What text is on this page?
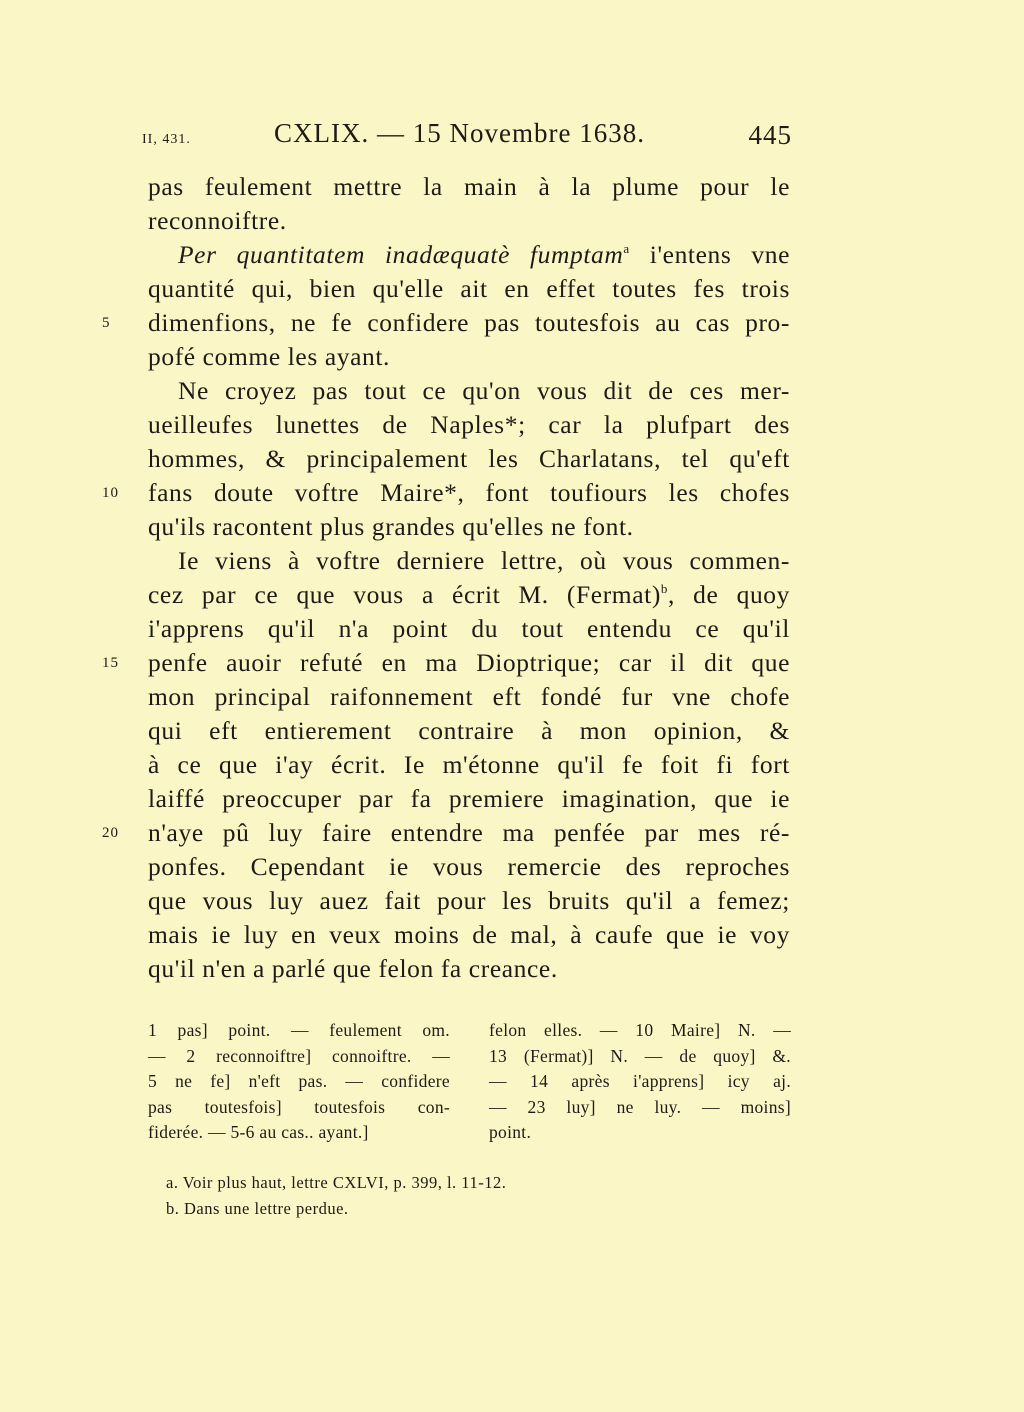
II, 431.	CXLIX. — 15 Novembre 1638.	445
pas feulement mettre la main à la plume pour le
reconnoiftre.
Per quantitatem inadæquatè fumptam$^a$ i'entens vne
quantité qui, bien qu'elle ait en effet toutes fes trois
5 dimenfions, ne fe confidere pas toutesfois au cas pro-
pofé comme les ayant.
Ne croyez pas tout ce qu'on vous dit de ces mer-
ueilleufes lunettes de Naples*; car la plufpart des
hommes, & principalement les Charlatans, tel qu'eft
10 fans doute voftre Maire*, font toufiours les chofes
qu'ils racontent plus grandes qu'elles ne font.
Ie viens à voftre derniere lettre, où vous commen-
cez par ce que vous a écrit M. (Fermat)$^b$, de quoy
i'apprens qu'il n'a point du tout entendu ce qu'il
15 penfe auoir refuté en ma Dioptrique; car il dit que
mon principal raifonnement eft fondé fur vne chofe
qui eft entierement contraire à mon opinion, &
à ce que i'ay écrit. Ie m'étonne qu'il fe foit fi fort
laiffé preoccuper par fa premiere imagination, que ie
20 n'aye pû luy faire entendre ma penfée par mes ré-
ponfes. Cependant ie vous remercie des reproches
que vous luy auez fait pour les bruits qu'il a femez;
mais ie luy en veux moins de mal, à caufe que ie voy
qu'il n'en a parlé que felon fa creance.
1 pas] point. — feulement om.
— 2 reconnoiftre] connoiftre. —
5 ne fe] n'eft pas. — confidere
pas toutesfois] toutesfois con-
fiderée. — 5-6 au cas.. ayant.]
felon elles. — 10 Maire] N. —
13 (Fermat)] N. — de quoy] &.
— 14 après i'apprens] icy aj.
— 23 luy] ne luy. — moins]
point.
a. Voir plus haut, lettre CXLVI, p. 399, l. 11-12.
b. Dans une lettre perdue.
